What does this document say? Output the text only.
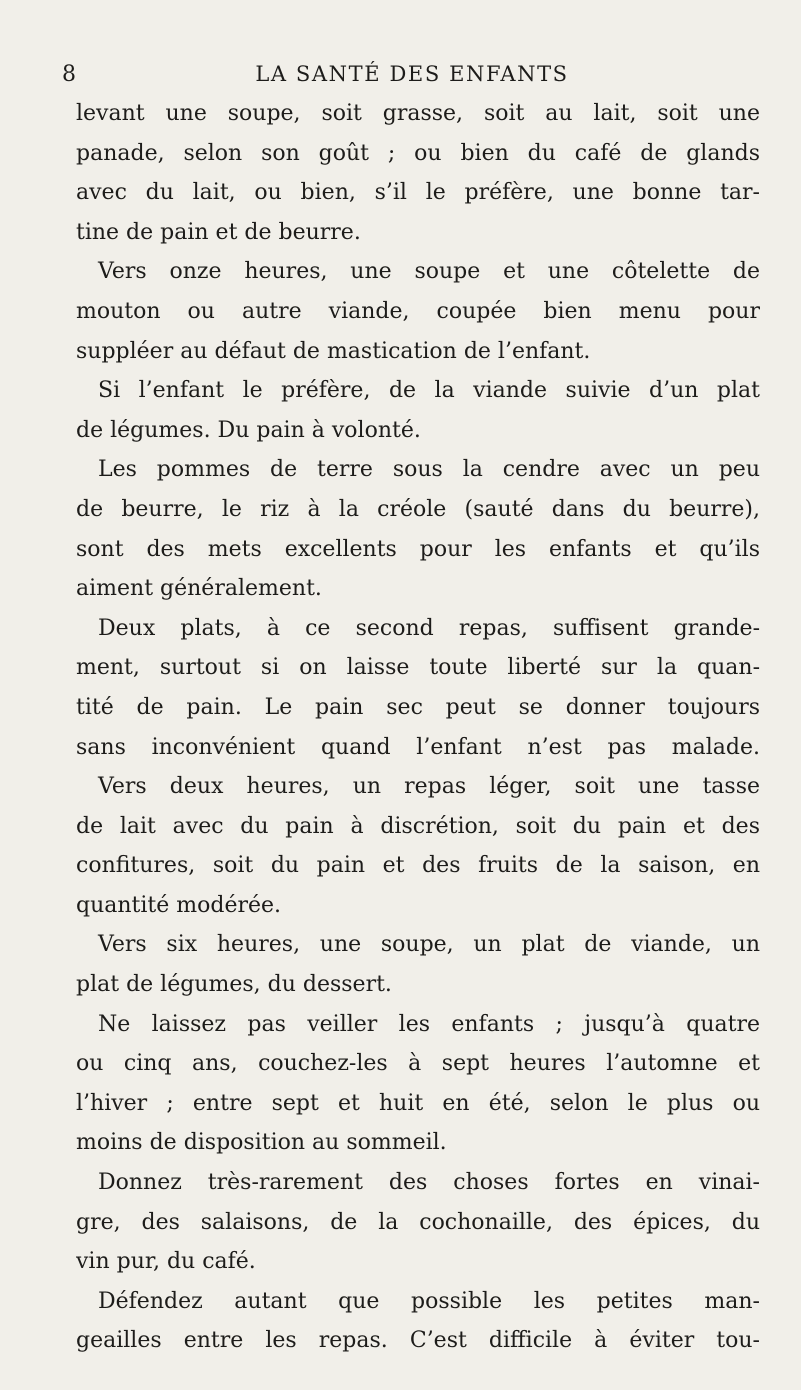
8	LA SANTÉ DES ENFANTS
levant une soupe, soit grasse, soit au lait, soit une
panade, selon son goût ; ou bien du café de glands
avec du lait, ou bien, s’il le préfère, une bonne tar-
tine de pain et de beurre.
Vers onze heures, une soupe et une côtelette de
mouton ou autre viande, coupée bien menu pour
suppléer au défaut de mastication de l’enfant.
Si l’enfant le préfère, de la viande suivie d’un plat
de légumes. Du pain à volonté.
Les pommes de terre sous la cendre avec un peu
de beurre, le riz à la créole (sauté dans du beurre),
sont des mets excellents pour les enfants et qu’ils
aiment généralement.
Deux plats, à ce second repas, suffisent grande-
ment, surtout si on laisse toute liberté sur la quan-
tité de pain. Le pain sec peut se donner toujours
sans inconvénient quand l’enfant n’est pas malade.
Vers deux heures, un repas léger, soit une tasse
de lait avec du pain à discrétion, soit du pain et des
confitures, soit du pain et des fruits de la saison, en
quantité modérée.
Vers six heures, une soupe, un plat de viande, un
plat de légumes, du dessert.
Ne laissez pas veiller les enfants ; jusqu’à quatre
ou cinq ans, couchez-les à sept heures l’automne et
l’hiver ; entre sept et huit en été, selon le plus ou
moins de disposition au sommeil.
Donnez très-rarement des choses fortes en vinai-
gre, des salaisons, de la cochonaille, des épices, du
vin pur, du café.
Défendez autant que possible les petites man-
geailles entre les repas. C’est difficile à éviter tou-
